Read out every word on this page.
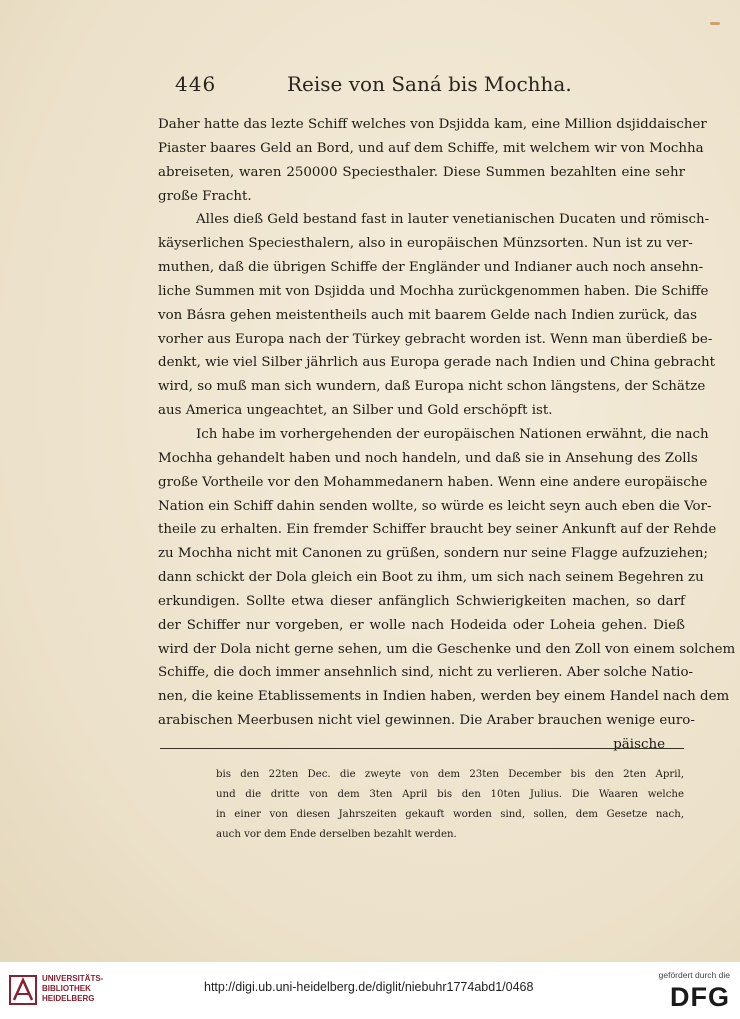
446	Reise von Saná bis Mochha.
Daher hatte das lezte Schiff welches von Dsjidda kam, eine Million dsjiddaischer
Piaster baares Geld an Bord, und auf dem Schiffe, mit welchem wir von Mochha
abreiseten, waren 250000 Speciesthaler. Diese Summen bezahlten eine sehr
große Fracht.
Alles dieß Geld bestand fast in lauter venetianischen Ducaten und römisch-
käyserlichen Speciesthalern, also in europäischen Münzsorten. Nun ist zu ver-
muthen, daß die übrigen Schiffe der Engländer und Indianer auch noch ansehn-
liche Summen mit von Dsjidda und Mochha zurückgenommen haben. Die Schiffe
von Básra gehen meistentheils auch mit baarem Gelde nach Indien zurück, das
vorher aus Europa nach der Türkey gebracht worden ist. Wenn man überdieß be-
denkt, wie viel Silber jährlich aus Europa gerade nach Indien und China gebracht
wird, so muß man sich wundern, daß Europa nicht schon längstens, der Schätze
aus America ungeachtet, an Silber und Gold erschöpft ist.
Ich habe im vorhergehenden der europäischen Nationen erwähnt, die nach
Mochha gehandelt haben und noch handeln, und daß sie in Ansehung des Zolls
große Vortheile vor den Mohammedanern haben. Wenn eine andere europäische
Nation ein Schiff dahin senden wollte, so würde es leicht seyn auch eben die Vor-
theile zu erhalten. Ein fremder Schiffer braucht bey seiner Ankunft auf der Rehde
zu Mochha nicht mit Canonen zu grüßen, sondern nur seine Flagge aufzuziehen;
dann schickt der Dola gleich ein Boot zu ihm, um sich nach seinem Begehren zu
erkundigen. Sollte etwa dieser anfänglich Schwierigkeiten machen, so darf
der Schiffer nur vorgeben, er wolle nach Hodeida oder Loheia gehen. Dieß
wird der Dola nicht gerne sehen, um die Geschenke und den Zoll von einem solchem
Schiffe, die doch immer ansehnlich sind, nicht zu verlieren. Aber solche Natio-
nen, die keine Etablissements in Indien haben, werden bey einem Handel nach dem
arabischen Meerbusen nicht viel gewinnen. Die Araber brauchen wenige euro-
päische
bis den 22ten Dec. die zweyte von dem 23ten December bis den 2ten April,
und die dritte von dem 3ten April bis den 10ten Julius. Die Waaren welche
in einer von diesen Jahrszeiten gekauft worden sind, sollen, dem Gesetze nach,
auch vor dem Ende derselben bezahlt werden.
UNIVERSITÄTS-
BIBLIOTHEK
HEIDELBERG
http://digi.ub.uni-heidelberg.de/diglit/niebuhr1774abd1/0468
gefördert durch die
DFG
